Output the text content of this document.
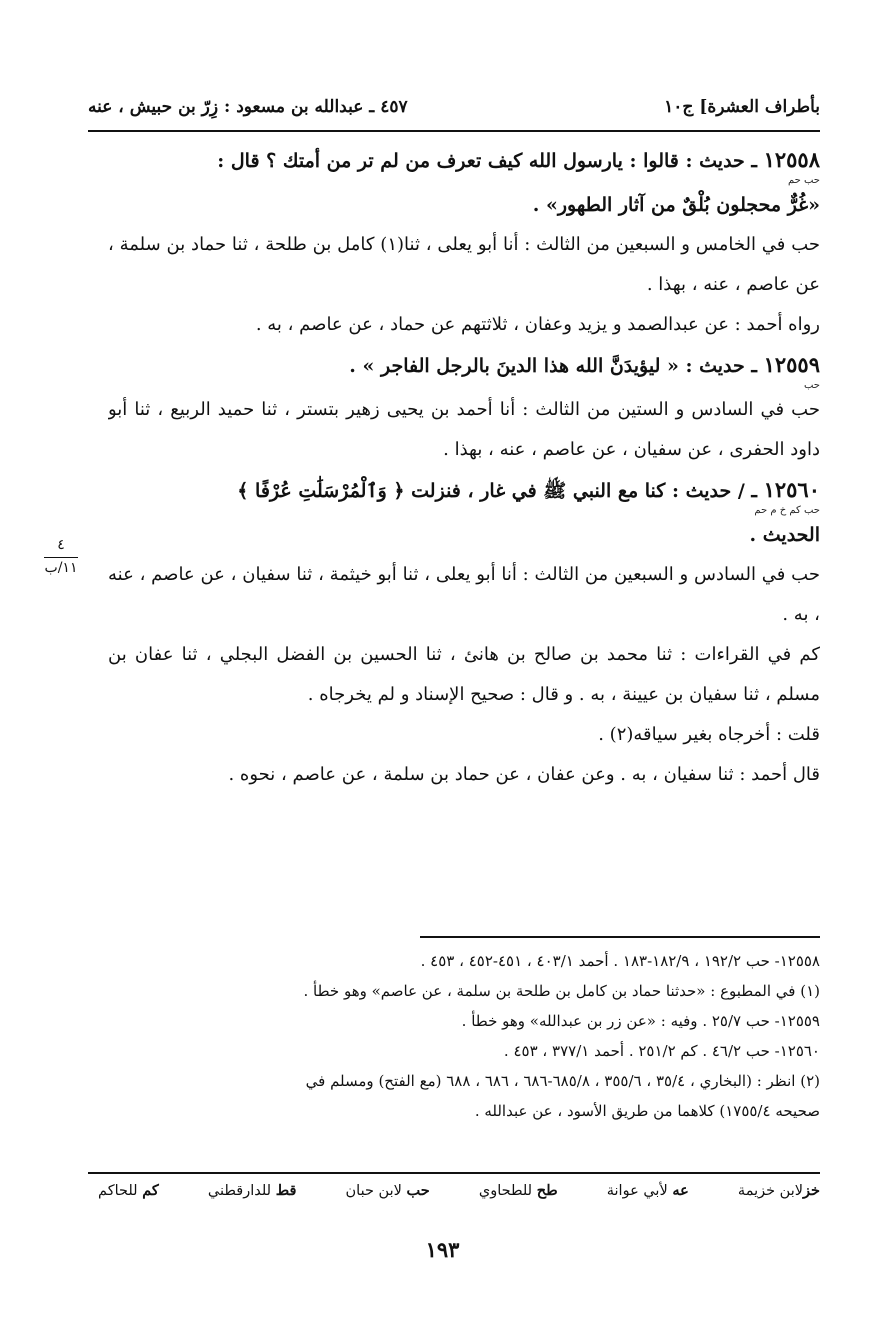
بأطراف العشرة] ج١٠
٤٥٧ ـ عبدالله بن مسعود : زِرّ بن حبيش ، عنه

١٢٥٥٨ ـ حديث : قالوا : يارسول الله كيف تعرف من لم تر من أمتك ؟ قال :

حب حم

«غُرٌّ محجلون بُلْقٌ من آثار الطهور» .

حب في الخامس و السبعين من الثالث : أنا أبو يعلى ، ثنا(١) كامل بن طلحة ، ثنا حماد بن سلمة ، عن عاصم ، عنه ، بهذا .

رواه أحمد : عن عبدالصمد و يزيد وعفان ، ثلاثتهم عن حماد ، عن عاصم ، به .

١٢٥٥٩ ـ حديث : « ليؤيدَنَّ الله هذا الدينَ بالرجل الفاجر » .

حب

حب في السادس و الستين من الثالث : أنا أحمد بن يحيى زهير بتستر ، ثنا حميد الربيع ، ثنا أبو داود الحفرى ، عن سفيان ، عن عاصم ، عنه ، بهذا .

١٢٥٦٠ ـ / حديث : كنا مع النبي ﷺ في غار ، فنزلت ﴿ وَٱلْمُرْسَلَٰتِ عُرْفًا ﴾

حب كم خ م حم

الحديث .

حب في السادس و السبعين من الثالث : أنا أبو يعلى ، ثنا أبو خيثمة ، ثنا سفيان ، عن عاصم ، عنه ، به .

كم في القراءات : ثنا محمد بن صالح بن هانئ ، ثنا الحسين بن الفضل البجلي ، ثنا عفان بن مسلم ، ثنا سفيان بن عيينة ، به . و قال : صحيح الإسناد و لم يخرجاه .

قلت : أخرجاه بغير سياقه(٢) .

قال أحمد : ثنا سفيان ، به . وعن عفان ، عن حماد بن سلمة ، عن عاصم ، نحوه .

٤
١١/ب

١٢٥٥٨- حب ١٩٢/٢ ، ١٨٢/٩-١٨٣ . أحمد ٤٠٣/١ ، ٤٥١-٤٥٢ ، ٤٥٣ .

(١) في المطبوع : «حدثنا حماد بن كامل بن طلحة بن سلمة ، عن عاصم» وهو خطأ .

١٢٥٥٩- حب ٢٥/٧ . وفيه : «عن زر بن عبدالله» وهو خطأ .

١٢٥٦٠- حب ٤٦/٢ . كم ٢٥١/٢ . أحمد ٣٧٧/١ ، ٤٥٣ .

(٢) انظر : (البخاري ، ٣٥/٤ ، ٣٥٥/٦ ، ٦٨٥/٨-٦٨٦ ، ٦٨٦ ، ٦٨٨ (مع الفتح) ومسلم في

صحيحه ١٧٥٥/٤) كلاهما من طريق الأسود ، عن عبدالله .

خزلابن خزيمة
عه لأبي عوانة
طح للطحاوي
حب لابن حبان
قط للدارقطني
كم للحاكم
١٩٣
